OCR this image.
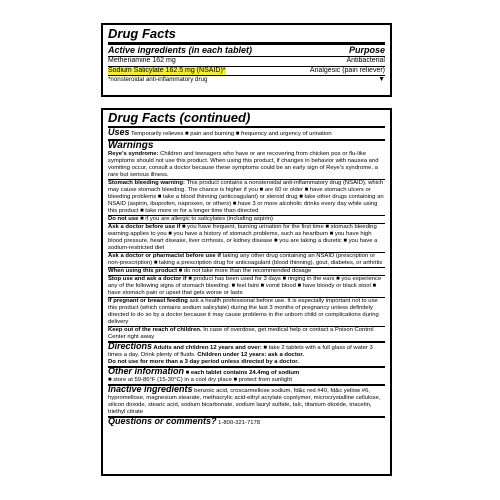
Drug Facts
Active ingredients (in each tablet)	Purpose
Methenamine 162 mg	Antibacterial
Sodium Salicylate 162.5 mg (NSAID)*	Analgesic (pain reliever)
*nonsteroidal anti-inflammatory drug	▼
Drug Facts (continued)
Uses Temporarily relieves ■ pain and burning ■ frequency and urgency of urination
Warnings
Reye's syndrome: Children and teenagers who have or are recovering from chicken pox or flu-like symptoms should not use this product. When using this product, if changes in behavior with nausea and vomiting occur, consult a doctor because these symptoms could be an early sign of Reye's syndrome, a rare but serious illness.
Stomach bleeding warning: This product contains a nonsteroidal anti-inflammatory drug (NSAID), which may cause stomach bleeding. The chance is higher if you ■ are 60 or older ■ have stomach ulcers or bleeding problems ■ take a blood thinning (anticoagulant) or steroid drug ■ take other drugs containing an NSAID (aspirin, ibuprofen, naproxen, or others) ■ have 3 or more alcoholic drinks every day while using this product ■ take more or for a longer time than directed
Do not use ■ if you are allergic to salicylates (including aspirin)
Ask a doctor before use if ■ you have frequent, burning urination for the first time ■ stomach bleeding warning applies to you ■ you have a history of stomach problems, such as heartburn ■ you have high blood pressure, heart disease, liver cirrhosis, or kidney disease ■ you are taking a diuretic ■ you have a sodium-restricted diet
Ask a doctor or pharmacist before use if taking any other drug containing an NSAID (prescription or non-prescription) ■ taking a prescription drug for anticoagulant (blood thinning), gout, diabetes, or arthritis
When using this product ■ do not take more than the recommended dosage
Stop use and ask a doctor if ■ product has been used for 3 days ■ ringing in the ears ■ you experience any of the following signs of stomach bleeding: ■ feel faint ■ vomit blood ■ have bloody or black stool ■ have stomach pain or upset that gets worse or lasts
If pregnant or breast feeding ask a health professional before use. It is especially important not to use this product (which contains sodium salicylate) during the last 3 months of pregnancy unless definitely directed to do so by a doctor because it may cause problems in the unborn child or complications during delivery
Keep out of the reach of children. In case of overdose, get medical help or contact a Poison Control Center right away
Directions Adults and children 12 years and over: ■ take 2 tablets with a full glass of water 3 times a day. Drink plenty of fluids. Children under 12 years: ask a doctor.
Do not use for more than a 3 day period unless directed by a doctor.
Other information ■ each tablet contains 24.4mg of sodium
■ store at 59-86°F (15-30°C) in a cool dry place ■ protect from sunlight
Inactive ingredients benzoic acid, croscarmellose sodium, fd&c red #40, fd&c yellow #6, hypromellose, magnesium stearate, methacrylic acid-ethyl acrylate copolymer, microcrystalline cellulose, silicon dioxide, stearic acid, sodium bicarbonate, sodium lauryl sulfate, talc, titanium dioxide, triacetin, triethyl citrate
Questions or comments? 1-800-321-7178
